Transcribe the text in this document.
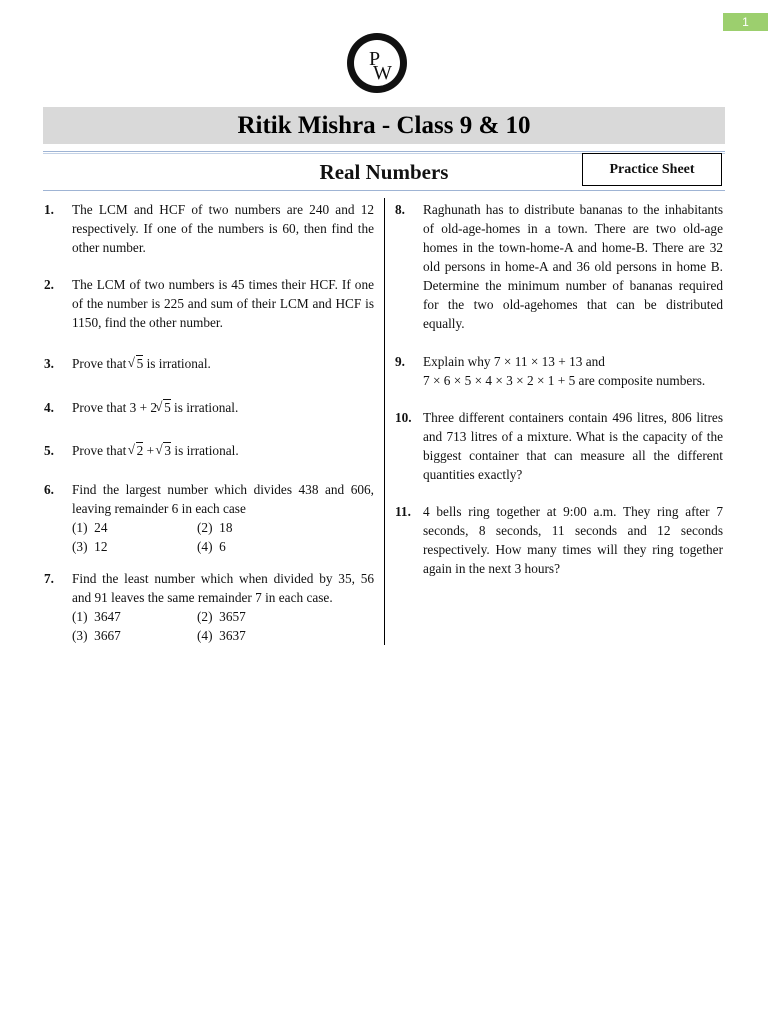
1
P
W
Ritik Mishra - Class 9 & 10
Real Numbers	Practice Sheet
1. The LCM and HCF of two numbers are 240 and 12 respectively. If one of the numbers is 60, then find the other number.
2. The LCM of two numbers is 45 times their HCF. If one of the number is 225 and sum of their LCM and HCF is 1150, find the other number.
3. Prove that √ 5 is irrational.
4. Prove that 3 + 2√ 5 is irrational.
5. Prove that √ 2 + √ 3 is irrational.
6. Find the largest number which divides 438 and 606, leaving remainder 6 in each case
(1) 24	(2) 18
(3) 12	(4) 6
7. Find the least number which when divided by 35, 56 and 91 leaves the same remainder 7 in each case.
(1) 3647	(2) 3657
(3) 3667	(4) 3637
8. Raghunath has to distribute bananas to the inhabitants of old-age-homes in a town. There are two old-age homes in the town-home-A and home-B. There are 32 old persons in home-A and 36 old persons in home B. Determine the minimum number of bananas required for the two old-agehomes that can be distributed equally.
9. Explain why 7 × 11 × 13 + 13 and
7 × 6 × 5 × 4 × 3 × 2 × 1 + 5 are composite numbers.
10. Three different containers contain 496 litres, 806 litres and 713 litres of a mixture. What is the capacity of the biggest container that can measure all the different quantities exactly?
11. 4 bells ring together at 9:00 a.m. They ring after 7 seconds, 8 seconds, 11 seconds and 12 seconds respectively. How many times will they ring together again in the next 3 hours?
